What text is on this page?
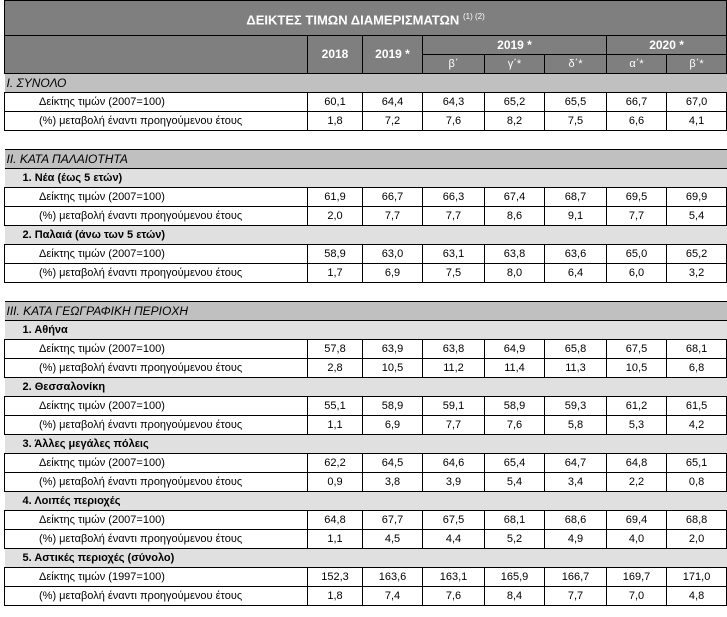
ΔΕΙΚΤΕΣ ΤΙΜΩΝ ΔΙΑΜΕΡΙΣΜΑΤΩΝ $^{(1) (2)}$
	2018	2019 *	2019 *			2020 *	
			β΄	γ΄*	δ΄*	α΄*	β΄*
I. ΣΥΝΟΛΟ							
Δείκτης τιμών (2007=100)	60,1	64,4	64,3	65,2	65,5	66,7	67,0
(%) μεταβολή έναντι προηγούμενου έτους	1,8	7,2	7,6	8,2	7,5	6,6	4,1

II. ΚΑΤΑ ΠΑΛΑΙΟΤΗΤΑ							
1. Νέα (έως 5 ετών)							
Δείκτης τιμών (2007=100)	61,9	66,7	66,3	67,4	68,7	69,5	69,9
(%) μεταβολή έναντι προηγούμενου έτους	2,0	7,7	7,7	8,6	9,1	7,7	5,4
2. Παλαιά (άνω των 5 ετών)							
Δείκτης τιμών (2007=100)	58,9	63,0	63,1	63,8	63,6	65,0	65,2
(%) μεταβολή έναντι προηγούμενου έτους	1,7	6,9	7,5	8,0	6,4	6,0	3,2

III. ΚΑΤΑ ΓΕΩΓΡΑΦΙΚΗ ΠΕΡΙΟΧΗ							
1. Αθήνα							
Δείκτης τιμών (2007=100)	57,8	63,9	63,8	64,9	65,8	67,5	68,1
(%) μεταβολή έναντι προηγούμενου έτους	2,8	10,5	11,2	11,4	11,3	10,5	6,8
2. Θεσσαλονίκη							
Δείκτης τιμών (2007=100)	55,1	58,9	59,1	58,9	59,3	61,2	61,5
(%) μεταβολή έναντι προηγούμενου έτους	1,1	6,9	7,7	7,6	5,8	5,3	4,2
3. Άλλες μεγάλες πόλεις							
Δείκτης τιμών (2007=100)	62,2	64,5	64,6	65,4	64,7	64,8	65,1
(%) μεταβολή έναντι προηγούμενου έτους	0,9	3,8	3,9	5,4	3,4	2,2	0,8
4. Λοιπές περιοχές							
Δείκτης τιμών (2007=100)	64,8	67,7	67,5	68,1	68,6	69,4	68,8
(%) μεταβολή έναντι προηγούμενου έτους	1,1	4,5	4,4	5,2	4,9	4,0	2,0
5. Αστικές περιοχές (σύνολο)							
Δείκτης τιμών (1997=100)	152,3	163,6	163,1	165,9	166,7	169,7	171,0
(%) μεταβολή έναντι προηγούμενου έτους	1,8	7,4	7,6	8,4	7,7	7,0	4,8
